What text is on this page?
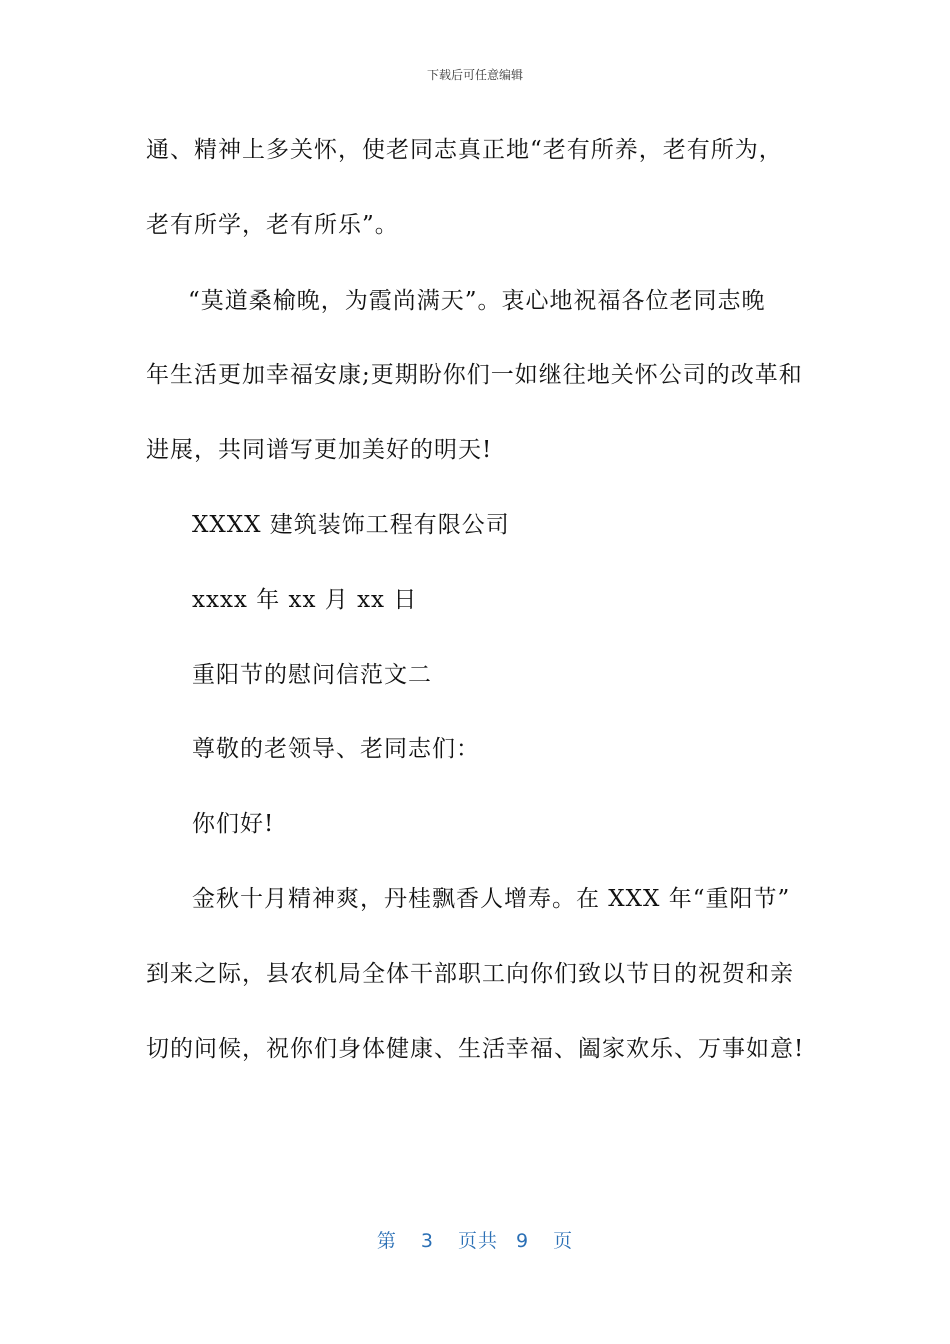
下载后可任意编辑
通、精神上多关怀，使老同志真正地“老有所养，老有所为，
老有所学，老有所乐”。
“莫道桑榆晚，为霞尚满天”。衷心地祝福各位老同志晚
年生活更加幸福安康;更期盼你们一如继往地关怀公司的改革和
进展，共同谱写更加美好的明天!
XXXX 建筑装饰工程有限公司
xxxx 年 xx 月 xx 日
重阳节的慰问信范文二
尊敬的老领导、老同志们：
你们好!
金秋十月精神爽，丹桂飘香人增寿。在 XXX 年“重阳节”
到来之际，县农机局全体干部职工向你们致以节日的祝贺和亲
切的问候，祝你们身体健康、生活幸福、阖家欢乐、万事如意!
第 3 页共 9 页
